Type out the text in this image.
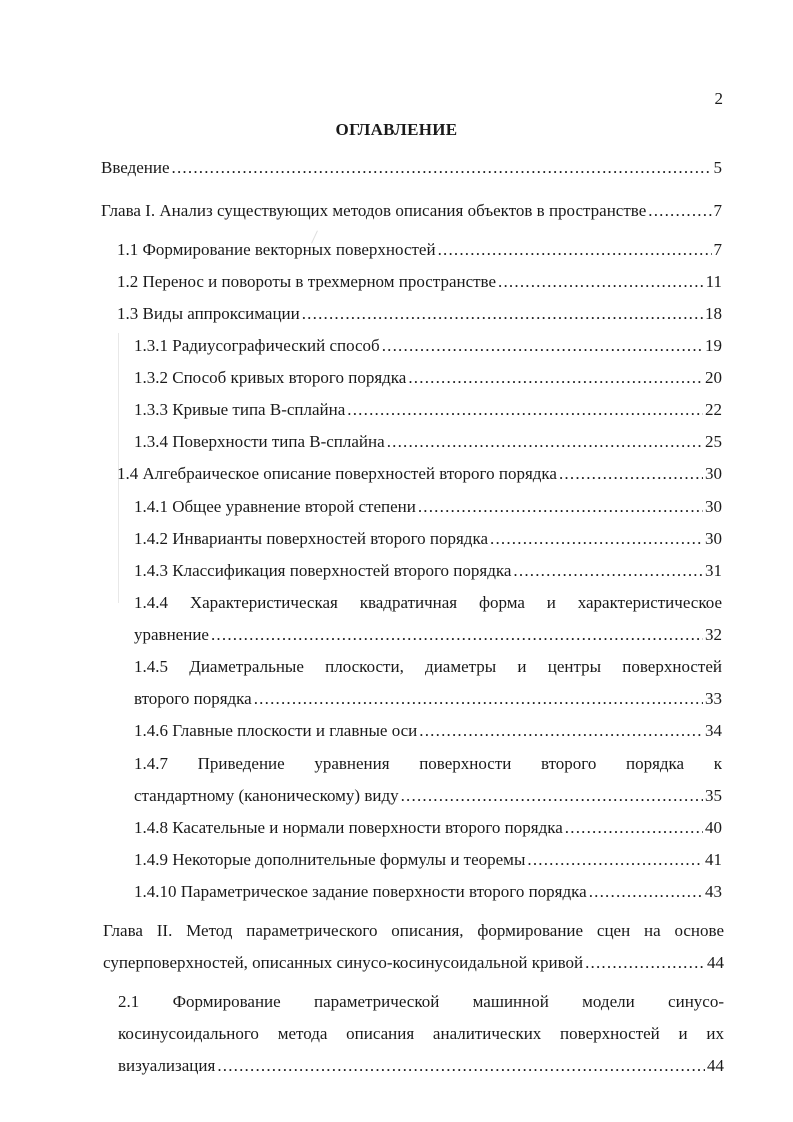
2
ОГЛАВЛЕНИЕ
Введение .....	5
Глава I. Анализ существующих методов описания объектов в пространстве .....	7
1.1 Формирование векторных поверхностей .....	7
1.2 Перенос и повороты в трехмерном пространстве .....	11
1.3 Виды аппроксимации .....	18
1.3.1 Радиусографический способ .....	19
1.3.2 Способ кривых второго порядка .....	20
1.3.3 Кривые типа В-сплайна .....	22
1.3.4 Поверхности типа В-сплайна .....	25
1.4 Алгебраическое описание поверхностей второго порядка .....	30
1.4.1 Общее уравнение второй степени .....	30
1.4.2 Инварианты поверхностей второго порядка .....	30
1.4.3 Классификация поверхностей второго порядка .....	31
1.4.4 Характеристическая квадратичная форма и характеристическое
уравнение .....	32
1.4.5 Диаметральные плоскости, диаметры и центры поверхностей
второго порядка .....	33
1.4.6 Главные плоскости и главные оси .....	34
1.4.7 Приведение уравнения поверхности второго порядка к
стандартному (каноническому) виду .....	35
1.4.8 Касательные и нормали поверхности второго порядка .....	40
1.4.9 Некоторые дополнительные формулы и теоремы .....	41
1.4.10 Параметрическое задание поверхности второго порядка .....	43
Глава II. Метод параметрического описания, формирование сцен на основе
суперповерхностей, описанных синусо-косинусоидальной кривой .....	44
2.1 Формирование параметрической машинной модели синусо-
косинусоидального метода описания аналитических поверхностей и их
визуализация .....	44
